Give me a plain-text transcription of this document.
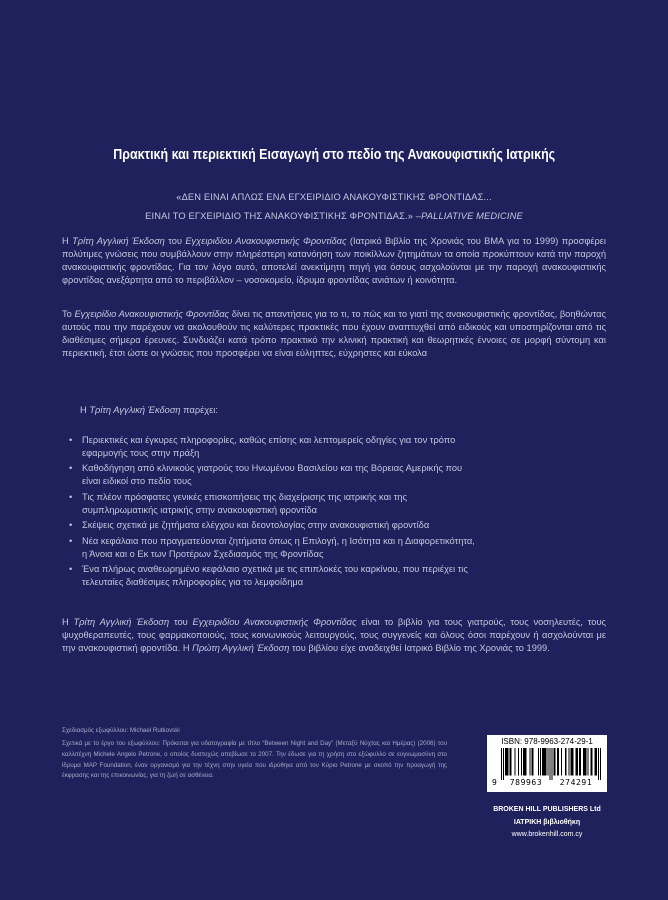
Πρακτική και περιεκτική Εισαγωγή στο πεδίο της Ανακουφιστικής Ιατρικής
«ΔΕΝ ΕΙΝΑΙ ΑΠΛΩΣ ΕΝΑ ΕΓΧΕΙΡΙΔΙΟ ΑΝΑΚΟΥΦΙΣΤΙΚΗΣ ΦΡΟΝΤΙΔΑΣ...
ΕΙΝΑΙ ΤΟ ΕΓΧΕΙΡΙΔΙΟ ΤΗΣ ΑΝΑΚΟΥΦΙΣΤΙΚΗΣ ΦΡΟΝΤΙΔΑΣ.» –PALLIATIVE MEDICINE

Η Τρίτη Αγγλική Έκδοση του Εγχειριδίου Ανακουφιστικής Φροντίδας (Ιατρικό Βιβλίο της Χρονιάς του BMA για το 1999) προσφέρει πολύτιμες γνώσεις που συμβάλλουν στην πληρέστερη κατανόηση των ποικίλλων ζητημάτων τα οποία προκύπτουν κατά την παροχή ανακουφιστικής φροντίδας. Για τον λόγο αυτό, αποτελεί ανεκτίμητη πηγή για όσους ασχολούνται με την παροχή ανακουφιστικής φροντίδας ανεξάρτητα από το περιβάλλον – νοσοκομείο, ίδρυμα φροντίδας ανιάτων ή κοινότητα.

Το Εγχειρίδιο Ανακουφιστικής Φροντίδας δίνει τις απαντήσεις για το τι, το πώς και το γιατί της ανακουφιστικής φροντίδας, βοηθώντας αυτούς που την παρέχουν να ακολουθούν τις καλύτερες πρακτικές που έχουν αναπτυχθεί από ειδικούς και υποστηρίζονται από τις διαθέσιμες σήμερα έρευνες. Συνδυάζει κατά τρόπο πρακτικό την κλινική πρακτική και θεωρητικές έννοιες σε μορφή σύντομη και περιεκτική, έτσι ώστε οι γνώσεις που προσφέρει να είναι εύληπτες, εύχρηστες και εύκολα

Η Τρίτη Αγγλική Έκδοση παρέχει:

•
Περιεκτικές και έγκυρες πληροφορίες, καθώς επίσης και λεπτομερείς οδηγίες για τον τρόπο εφαρμογής τους στην πράξη
•
Καθοδήγηση από κλινικούς γιατρούς του Ηνωμένου Βασιλείου και της Βόρειας Αμερικής που είναι ειδικοί στο πεδίο τους
•
Τις πλέον πρόσφατες γενικές επισκοπήσεις της διαχείρισης της ιατρικής και της συμπληρωματικής ιατρικής στην ανακουφιστική φροντίδα
•
Σκέψεις σχετικά με ζητήματα ελέγχου και δεοντολογίας στην ανακουφιστική φροντίδα
•
Νέα κεφάλαια που πραγματεύονται ζητήματα όπως η Επιλογή, η Ισότητα και η Διαφορετικότητα, η Άνοια και ο Εκ των Προτέρων Σχεδιασμός της Φροντίδας
•
Ένα πλήρως αναθεωρημένο κεφάλαιο σχετικά με τις επιπλοκές του καρκίνου, που περιέχει τις τελευταίες διαθέσιμες πληροφορίες για το λεμφοίδημα

Η Τρίτη Αγγλική Έκδοση του Εγχειριδίου Ανακουφιστικής Φροντίδας είναι το βιβλίο για τους γιατρούς, τους νοσηλευτές, τους ψυχοθεραπευτές, τους φαρμακοποιούς, τους κοινωνικούς λειτουργούς, τους συγγενείς και όλους όσοι παρέχουν ή ασχολούνται με την ανακουφιστική φροντίδα. Η Πρώτη Αγγλική Έκδοση του βιβλίου είχε αναδειχθεί Ιατρικό Βιβλίο της Χρονιάς το 1999.

Σχεδιασμός εξωφύλλου: Michael Rutkovski

Σχετικά με το έργο του εξωφύλλου: Πρόκειται για υδατογραφία με τίτλο “Between Night and Day” (Μεταξύ Νύχτας και Ημέρας) (2006) του καλλιτέχνη Michele Angelo Petrone, ο οποίος δυστυχώς απεβίωσε το 2007. Την έδωσε για τη χρήση στο εξώφυλλο σε ευγνωμοσύνη στο ίδρυμα MAP Foundation, έναν οργανισμό για την τέχνη στην υγεία που ιδρύθηκε από τον Κύριο Petrone με σκοπό την προαγωγή της έκφρασης και της επικοινωνίας, για τη ζωή σε ασθένεια.

ISBN: 978-9963-274-29-1
9	789963	274291
BROKEN HILL PUBLISHERS Ltd
ΙΑΤΡΙΚΗ βιβλιοθήκη
www.brokenhill.com.cy
